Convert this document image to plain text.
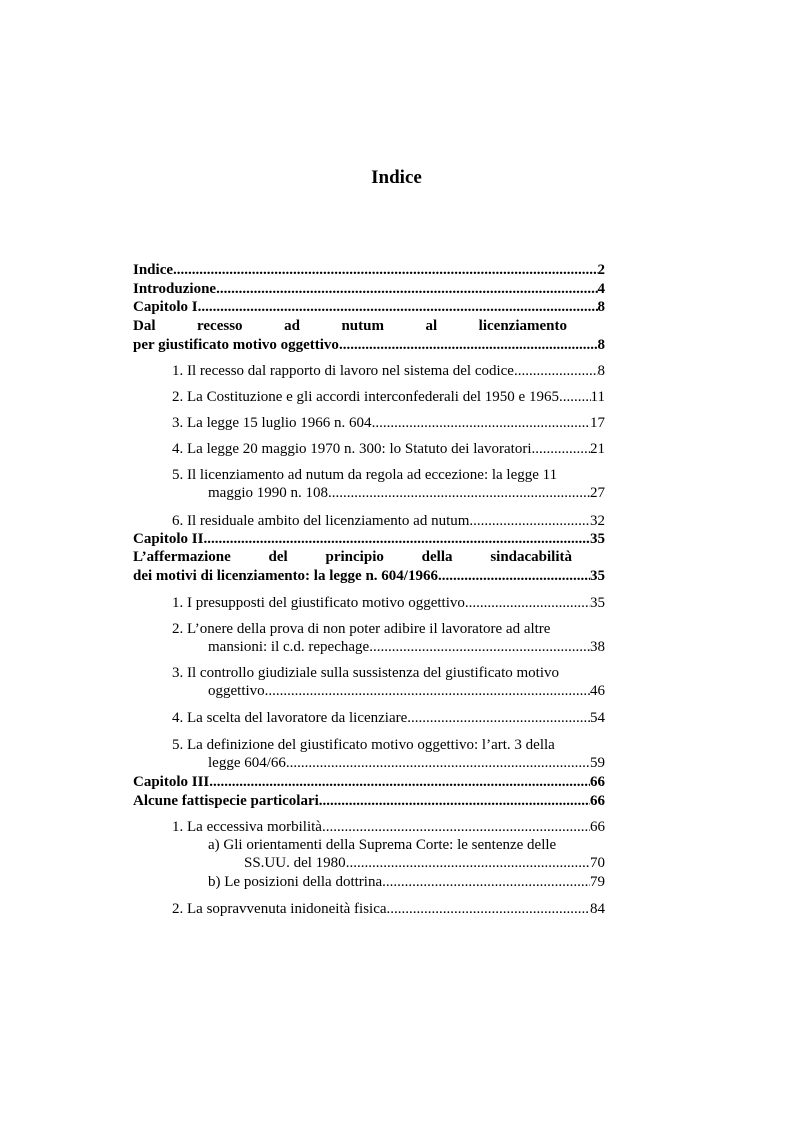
Indice
Indice .....	2
Introduzione .....	4
Capitolo I .....	8
Dal	recesso	ad	nutum	al	licenziamento
per giustificato motivo oggettivo .....	8
1. Il recesso dal rapporto di lavoro nel sistema del codice .....	8
2. La Costituzione e gli accordi interconfederali del 1950 e 1965 ..... 11
3. La legge 15 luglio 1966 n. 604 .....	17
4. La legge 20 maggio 1970 n. 300: lo Statuto dei lavoratori .....	21
5. Il licenziamento ad nutum da regola ad eccezione: la legge 11
maggio 1990 n. 108 .....	27
6. Il residuale ambito del licenziamento ad nutum .....	32
Capitolo II .....	35
L’affermazione	del	principio	della	sindacabilità
dei motivi di licenziamento: la legge n. 604/1966 .....	35
1. I presupposti del giustificato motivo oggettivo .....	35
2. L’onere della prova di non poter adibire il lavoratore ad altre
mansioni: il c.d. repechage .....	38
3. Il controllo giudiziale sulla sussistenza del giustificato motivo
oggettivo .....	46
4. La scelta del lavoratore da licenziare .....	54
5. La definizione del giustificato motivo oggettivo: l’art. 3 della
legge 604/66 .....	59
Capitolo III .....	66
Alcune fattispecie particolari .....	66
1. La eccessiva morbilità .....	66
a) Gli orientamenti della Suprema Corte: le sentenze delle
SS.UU. del 1980 .....	70
b) Le posizioni della dottrina .....	79
2. La sopravvenuta inidoneità fisica .....	84
